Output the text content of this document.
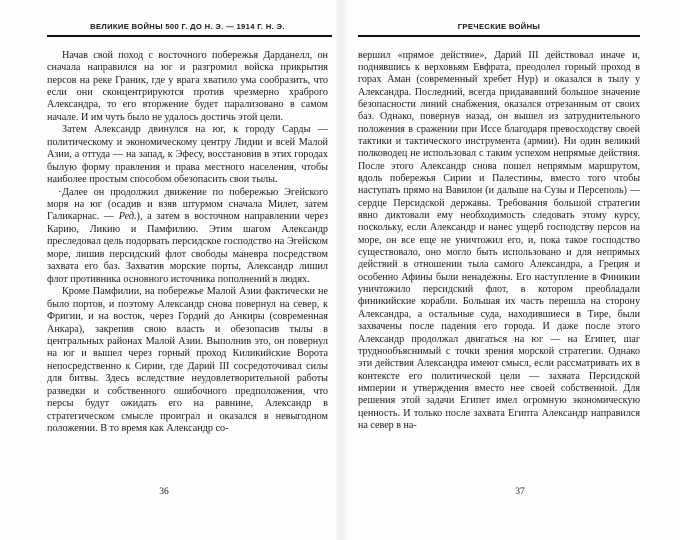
ВЕЛИКИЕ ВОЙНЫ 500 Г. ДО Н. Э. — 1914 Г. Н. Э.

Начав свой поход с восточного побережья Дарданелл, он сначала направился на юг и разгромил войска прикрытия персов на реке Граник, где у врага хватило ума сообразить, что если они сконцентрируются против чрезмерно храброго Александра, то его вторжение будет парализовано в самом начале. И им чуть было не удалось достичь этой цели.

Затем Александр двинулся на юг, к городу Сарды — политическому и экономическому центру Лидии и всей Малой Азии, а оттуда — на запад, к Эфесу, восстановив в этих городах былую форму правления и права местного населения, чтобы наиболее простым способом обезопасить свои тылы.

· Далее он продолжил движение по побережью Эгейского моря на юг (осадив и взяв штурмом сначала Милет, затем Галикарнас. — Ред.), а затем в восточном направлении через Карию, Ликию и Памфилию. Этим шагом Александр преследовал цель подорвать персидское господство на Эгейском море, лишив персидский флот свободы маневра посредством захвата его баз. Захватив морские порты, Александр лишил флот противника основного источника пополнений в людях.

Кроме Памфилии, на побережье Малой Азии фактически не было портов, и поэтому Александр снова повернул на север, к Фригии, и на восток, через Гордий до Анкиры (современная Анкара), закрепив свою власть и обезопасив тылы в центральных районах Малой Азии. Выполнив это, он повернул на юг и вышел через горный проход Киликийские Ворота непосредственно к Сирии, где Дарий III сосредоточивал силы для битвы. Здесь вследствие неудовлетворительной работы разведки и собственного ошибочного предположения, что персы будут ожидать его на равнине, Александр в стратегическом смысле проиграл и оказался в невыгодном положении. В то время как Александр со-

36
ГРЕЧЕСКИЕ ВОЙНЫ

вершил «прямое действие», Дарий III действовал иначе и, поднявшись к верховьям Евфрата, преодолел горный проход в горах Аман (современный хребет Нур) и оказался в тылу у Александра. Последний, всегда придававший большое значение безопасности линий снабжения, оказался отрезанным от своих баз. Однако, повернув назад, он вышел из затруднительного положения в сражении при Иссе благодаря превосходству своей тактики и тактического инструмента (армии). Ни один великий полководец не использовал с таким успехом непрямые действия. После этого Александр снова пошел непрямым маршрутом, вдоль побережья Сирии и Палестины, вместо того чтобы наступать прямо на Вавилон (и дальше на Сузы и Персеполь) — сердце Персидской державы. Требования большой стратегии явно диктовали ему необходимость следовать этому курсу, поскольку, если Александр и нанес ущерб господству персов на море, он все еще не уничтожил его, и, пока такое господство существовало, оно могло быть использовано и для непрямых действий в отношении тыла самого Александра, а Греция и особенно Афины были ненадежны. Его наступление в Финикии уничтожило персидский флот, в котором преобладали финикийские корабли. Большая их часть перешла на сторону Александра, а остальные суда, находившиеся в Тире, были захвачены после падения его города. И даже после этого Александр продолжал двигаться на юг — на Египет, шаг труднообъяснимый с точки зрения морской стратегии. Однако эти действия Александра имеют смысл, если рассматривать их в контексте его политической цели — захвата Персидской империи и утверждения вместо нее своей собственной. Для решения этой задачи Египет имел огромную экономическую ценность. И только после захвата Египта Александр направился на север в на-

37
